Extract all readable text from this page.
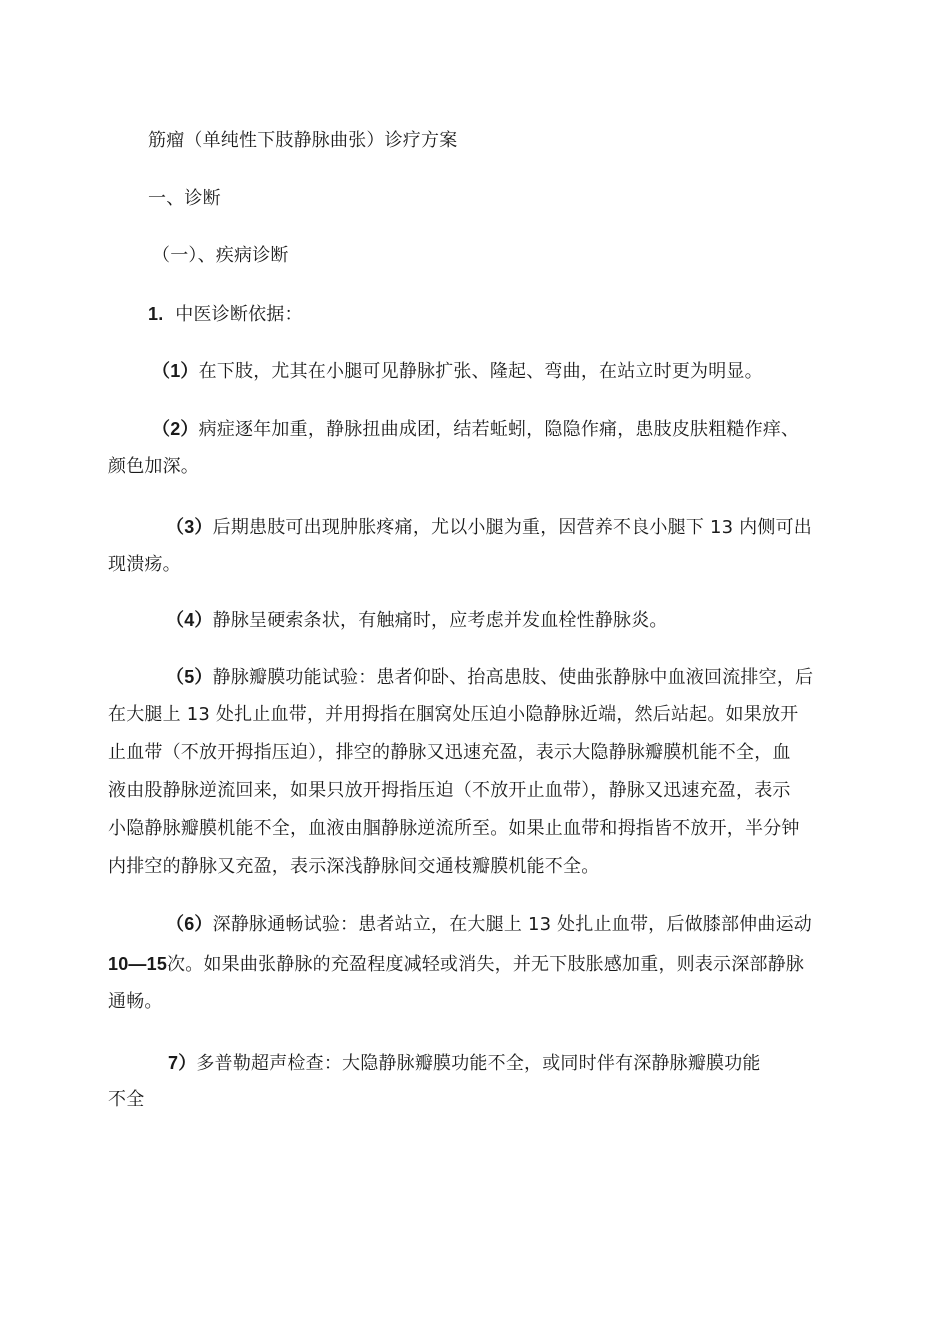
筋瘤（单纯性下肢静脉曲张）诊疗方案
一、诊断
（一）、疾病诊断
1. 中医诊断依据：
（1）在下肢，尤其在小腿可见静脉扩张、隆起、弯曲，在站立时更为明显。
（2）病症逐年加重，静脉扭曲成团，结若蚯蚓，隐隐作痛，患肢皮肤粗糙作痒、
颜色加深。
（3）后期患肢可出现肿胀疼痛，尤以小腿为重，因营养不良小腿下 13 内侧可出
现溃疡。
（4）静脉呈硬索条状，有触痛时，应考虑并发血栓性静脉炎。
（5）静脉瓣膜功能试验：患者仰卧、抬高患肢、使曲张静脉中血液回流排空，后
在大腿上 13 处扎止血带，并用拇指在腘窝处压迫小隐静脉近端，然后站起。如果放开
止血带（不放开拇指压迫），排空的静脉又迅速充盈，表示大隐静脉瓣膜机能不全，血
液由股静脉逆流回来，如果只放开拇指压迫（不放开止血带），静脉又迅速充盈，表示
小隐静脉瓣膜机能不全，血液由腘静脉逆流所至。如果止血带和拇指皆不放开，半分钟
内排空的静脉又充盈，表示深浅静脉间交通枝瓣膜机能不全。
（6）深静脉通畅试验：患者站立，在大腿上 13 处扎止血带，后做膝部伸曲运动
10—15次。如果曲张静脉的充盈程度减轻或消失，并无下肢胀感加重，则表示深部静脉
通畅。
7）多普勒超声检查：大隐静脉瓣膜功能不全，或同时伴有深静脉瓣膜功能
不全
